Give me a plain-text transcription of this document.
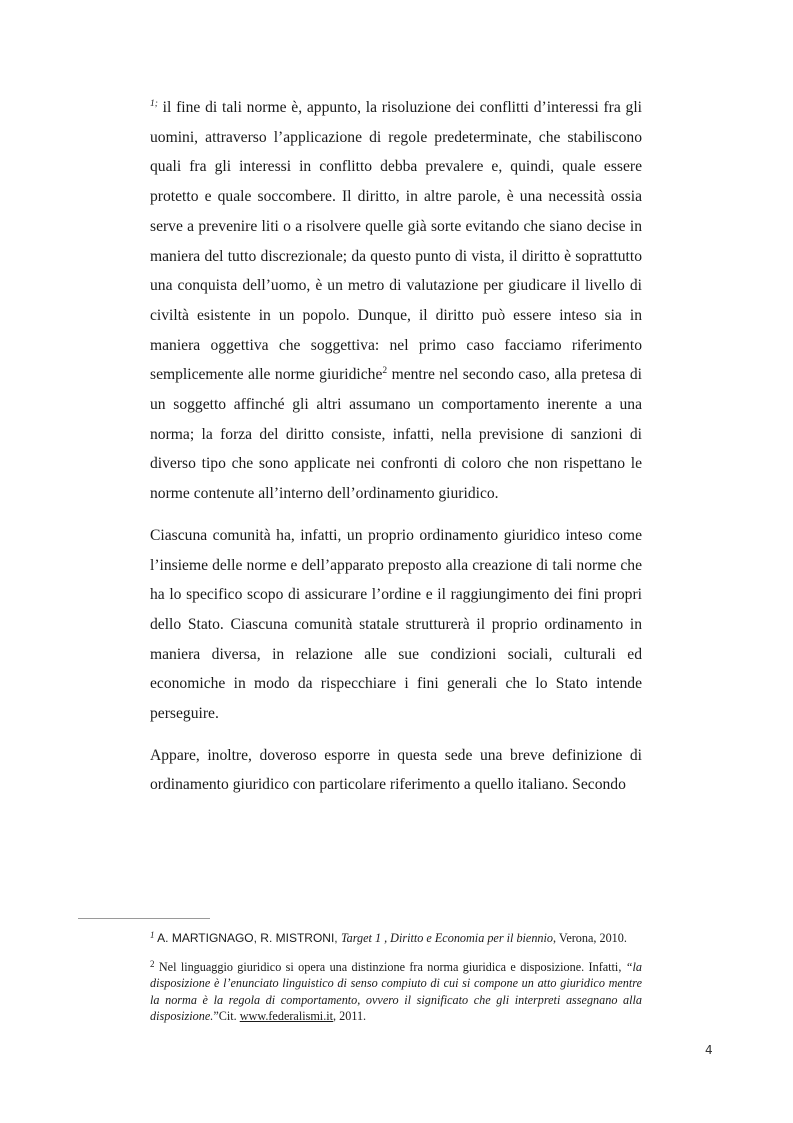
$^{1;}$ il fine di tali norme è, appunto, la risoluzione dei conflitti d’interessi fra gli uomini, attraverso l’applicazione di regole predeterminate, che stabiliscono quali fra gli interessi in conflitto debba prevalere e, quindi, quale essere protetto e quale soccombere. Il diritto, in altre parole, è una necessità ossia serve a prevenire liti o a risolvere quelle già sorte evitando che siano decise in maniera del tutto discrezionale; da questo punto di vista, il diritto è soprattutto una conquista dell’uomo, è un metro di valutazione per giudicare il livello di civiltà esistente in un popolo. Dunque, il diritto può essere inteso sia in maniera oggettiva che soggettiva: nel primo caso facciamo riferimento semplicemente alle norme giuridiche$^2$ mentre nel secondo caso, alla pretesa di un soggetto affinché gli altri assumano un comportamento inerente a una norma; la forza del diritto consiste, infatti, nella previsione di sanzioni di diverso tipo che sono applicate nei confronti di coloro che non rispettano le norme contenute all’interno dell’ordinamento giuridico.

Ciascuna comunità ha, infatti, un proprio ordinamento giuridico inteso come l’insieme delle norme e dell’apparato preposto alla creazione di tali norme che ha lo specifico scopo di assicurare l’ordine e il raggiungimento dei fini propri dello Stato. Ciascuna comunità statale strutturerà il proprio ordinamento in maniera diversa, in relazione alle sue condizioni sociali, culturali ed economiche in modo da rispecchiare i fini generali che lo Stato intende perseguire.

Appare, inoltre, doveroso esporre in questa sede una breve definizione di ordinamento giuridico con particolare riferimento a quello italiano. Secondo

$^1$ A. MARTIGNAGO, R. MISTRONI, Target 1 , Diritto e Economia per il biennio, Verona, 2010.

$^2$ Nel linguaggio giuridico si opera una distinzione fra norma giuridica e disposizione. Infatti, “la disposizione è l’enunciato linguistico di senso compiuto di cui si compone un atto giuridico mentre la norma è la regola di comportamento, ovvero il significato che gli interpreti assegnano alla disposizione.”Cit. www.federalismi.it, 2011.

4
